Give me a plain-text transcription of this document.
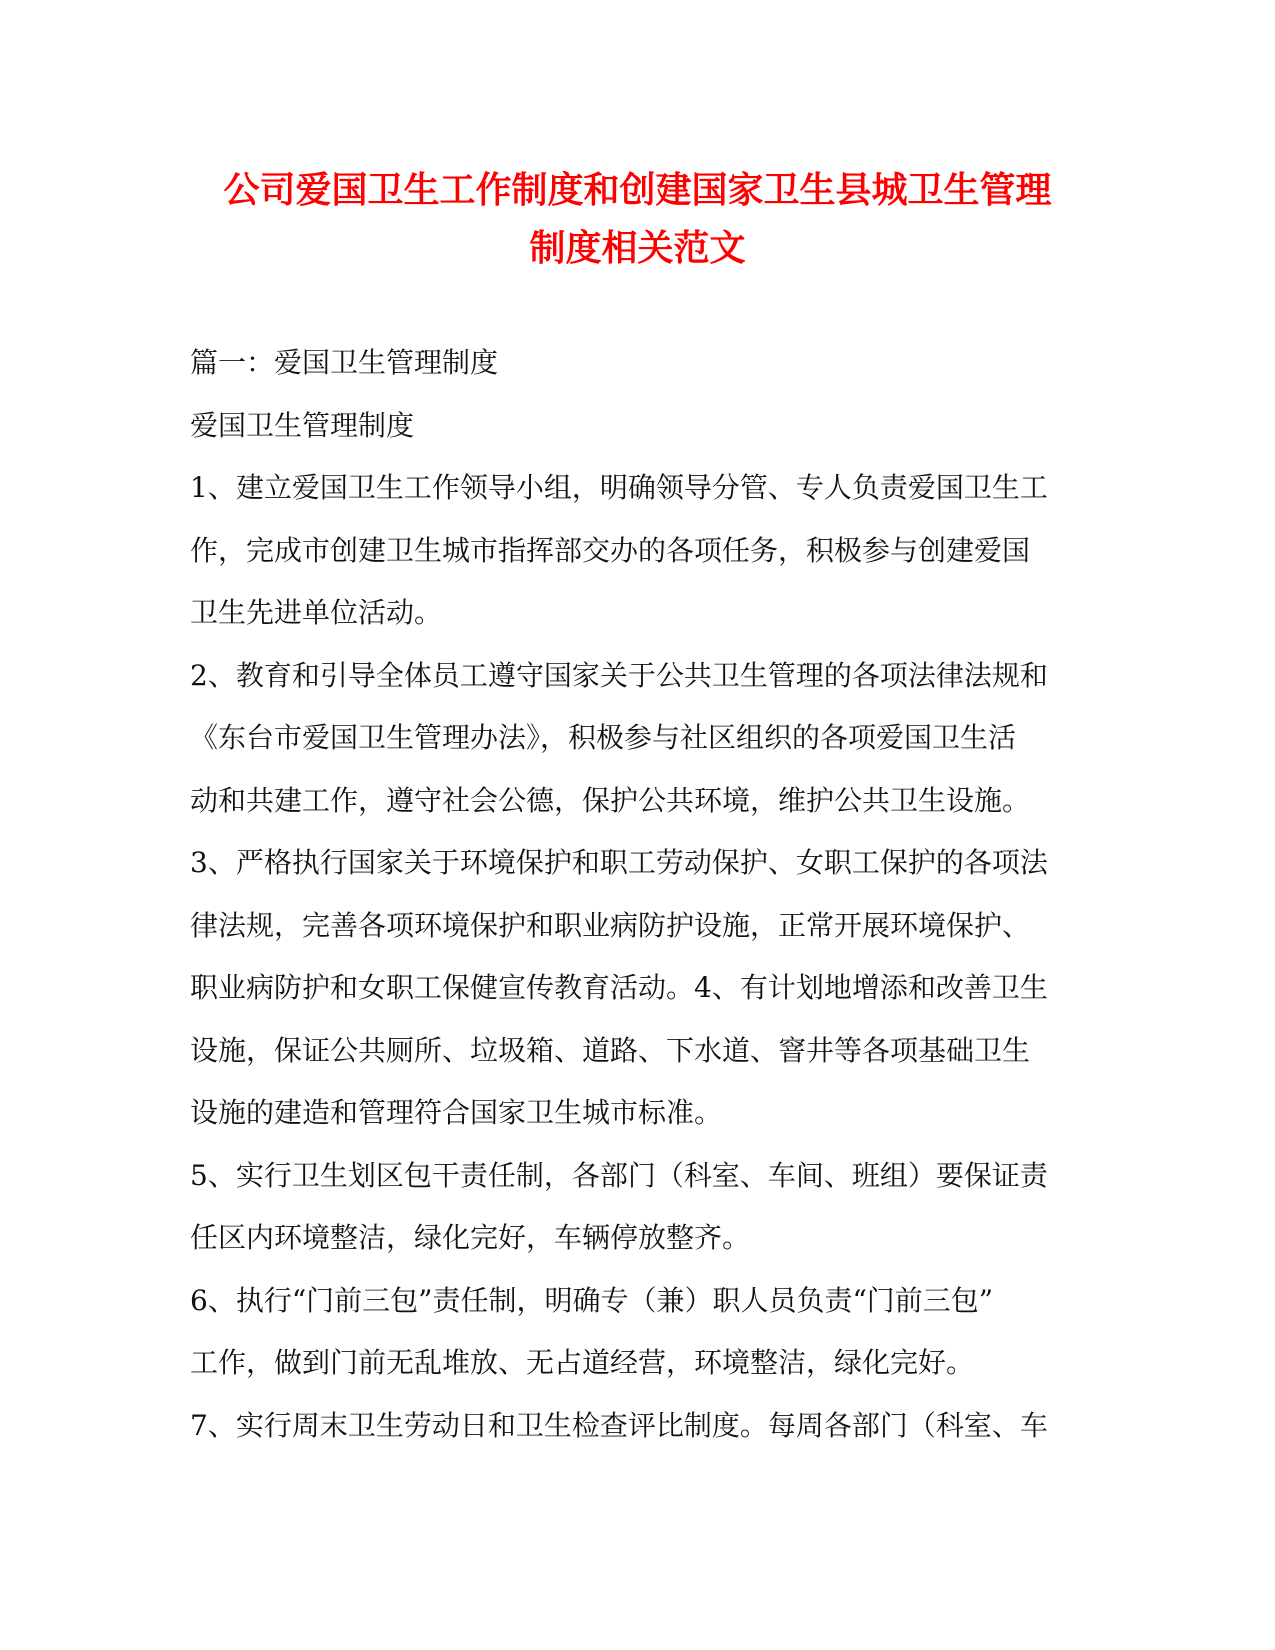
公司爱国卫生工作制度和创建国家卫生县城卫生管理
制度相关范文
篇一：爱国卫生管理制度
爱国卫生管理制度
1、建立爱国卫生工作领导小组，明确领导分管、专人负责爱国卫生工
作，完成市创建卫生城市指挥部交办的各项任务，积极参与创建爱国
卫生先进单位活动。
2、教育和引导全体员工遵守国家关于公共卫生管理的各项法律法规和
《东台市爱国卫生管理办法》，积极参与社区组织的各项爱国卫生活
动和共建工作，遵守社会公德，保护公共环境，维护公共卫生设施。
3、严格执行国家关于环境保护和职工劳动保护、女职工保护的各项法
律法规，完善各项环境保护和职业病防护设施，正常开展环境保护、
职业病防护和女职工保健宣传教育活动。4、有计划地增添和改善卫生
设施，保证公共厕所、垃圾箱、道路、下水道、窨井等各项基础卫生
设施的建造和管理符合国家卫生城市标准。
5、实行卫生划区包干责任制，各部门（科室、车间、班组）要保证责
任区内环境整洁，绿化完好，车辆停放整齐。
6、执行“门前三包”责任制，明确专（兼）职人员负责“门前三包”
工作，做到门前无乱堆放、无占道经营，环境整洁，绿化完好。
7、实行周末卫生劳动日和卫生检查评比制度。每周各部门（科室、车
